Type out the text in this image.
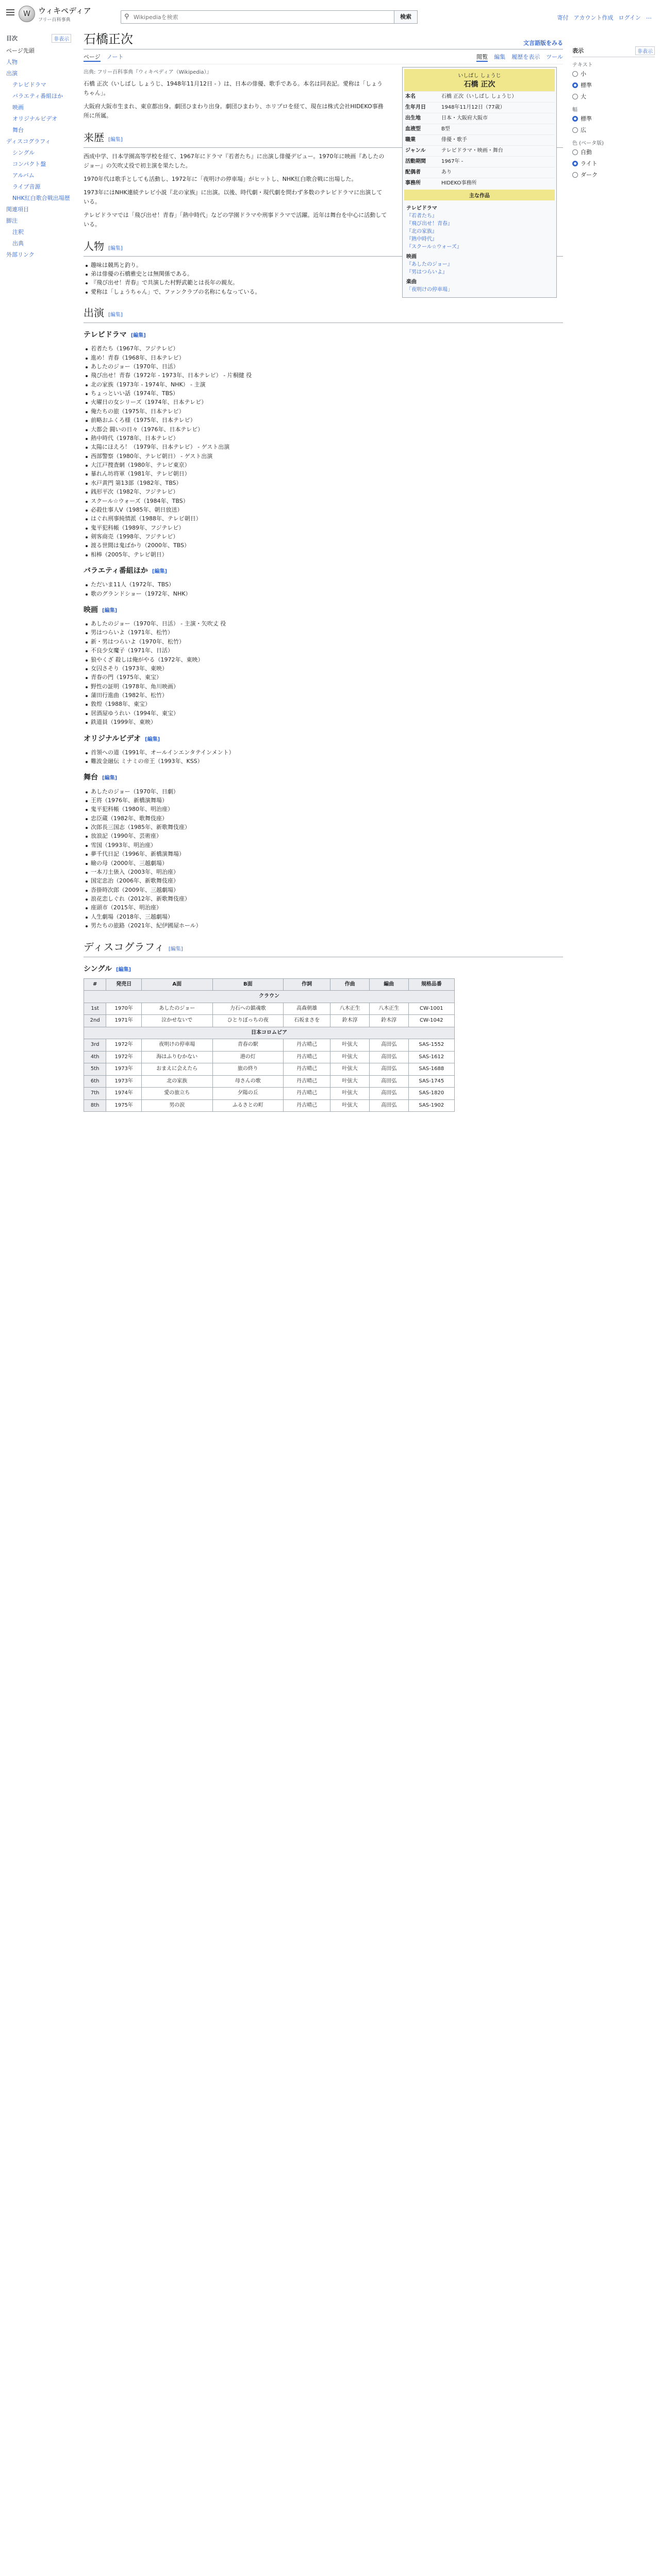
W	ウィキペディア
フリー百科事典	⚲
Wikipediaを検索	検索	寄付 アカウント作成 ログイン …
目次	非表示
ページ先頭
人物
出演
テレビドラマ
バラエティ番組ほか
映画
オリジナルビデオ
舞台
ディスコグラフィ
シングル
コンパクト盤
アルバム
ライブ音源
NHK紅白歌合戦出場歴
関連項目
脚注
注釈
出典
外部リンク
石橋正次	文言語版をみる
ページ ノート	閲覧 編集 履歴を表示 ツール
出典: フリー百科事典『ウィキペディア（Wikipedia）』

石橋 正次（いしばし しょうじ、1948年11月12日 - ）は、日本の俳優、歌手である。本名は同表記。愛称は「しょうちゃん」。

大阪府大阪市生まれ、東京都出身。劇団ひまわり出身。劇団ひまわり、ホリプロを経て、現在は株式会社HIDEKO事務所に所属。

来歴 [編集]

西成中学、日本学園高等学校を経て、1967年にドラマ『若者たち』に出演し俳優デビュー。1970年に映画『あしたのジョー』の矢吹丈役で初主演を果たした。

1970年代は歌手としても活動し、1972年に「夜明けの停車場」がヒットし、NHK紅白歌合戦に出場した。

1973年にはNHK連続テレビ小説『北の家族』に出演。以後、時代劇・現代劇を問わず多数のテレビドラマに出演している。

テレビドラマでは「飛び出せ！青春」「熱中時代」などの学園ドラマや刑事ドラマで活躍。近年は舞台を中心に活動している。

人物 [編集]
趣味は競馬と釣り。
弟は俳優の石橋雅史とは無関係である。
『飛び出せ！青春』で共演した村野武範とは長年の親友。
愛称は「しょうちゃん」で、ファンクラブの名称にもなっている。
出演 [編集]
テレビドラマ [編集]
若者たち（1967年、フジテレビ）
進め！青春（1968年、日本テレビ）
あしたのジョー（1970年、日活）
飛び出せ！青春（1972年 - 1973年、日本テレビ） - 片桐健 役
北の家族（1973年 - 1974年、NHK） - 主演
ちょっといい話（1974年、TBS）
火曜日の女シリーズ（1974年、日本テレビ）
俺たちの旅（1975年、日本テレビ）
前略おふくろ様（1975年、日本テレビ）
大都会 闘いの日々（1976年、日本テレビ）
熱中時代（1978年、日本テレビ）
太陽にほえろ！（1979年、日本テレビ） - ゲスト出演
西部警察（1980年、テレビ朝日） - ゲスト出演
大江戸捜査網（1980年、テレビ東京）
暴れん坊将軍（1981年、テレビ朝日）
水戸黄門 第13部（1982年、TBS）
銭形平次（1982年、フジテレビ）
スクール☆ウォーズ（1984年、TBS）
必殺仕事人V（1985年、朝日放送）
はぐれ刑事純情派（1988年、テレビ朝日）
鬼平犯科帳（1989年、フジテレビ）
剣客商売（1998年、フジテレビ）
渡る世間は鬼ばかり（2000年、TBS）
相棒（2005年、テレビ朝日）
バラエティ番組ほか [編集]
ただいま11人（1972年、TBS）
歌のグランドショー（1972年、NHK）
映画 [編集]
あしたのジョー（1970年、日活） - 主演・矢吹丈 役
男はつらいよ（1971年、松竹）
新・男はつらいよ（1970年、松竹）
不良少女魔子（1971年、日活）
狼やくざ 殺しは俺がやる（1972年、東映）
女囚さそり（1973年、東映）
青春の門（1975年、東宝）
野性の証明（1978年、角川映画）
蒲田行進曲（1982年、松竹）
敦煌（1988年、東宝）
居酒屋ゆうれい（1994年、東宝）
鉄道員（1999年、東映）
オリジナルビデオ [編集]
首領への道（1991年、オールインエンタテインメント）
難波金融伝 ミナミの帝王（1993年、KSS）
舞台 [編集]
あしたのジョー（1970年、日劇）
王将（1976年、新橋演舞場）
鬼平犯科帳（1980年、明治座）
忠臣蔵（1982年、歌舞伎座）
次郎長三国志（1985年、新歌舞伎座）
放浪記（1990年、芸術座）
雪国（1993年、明治座）
夢千代日記（1996年、新橋演舞場）
瞼の母（2000年、三越劇場）
一本刀土俵入（2003年、明治座）
国定忠治（2006年、新歌舞伎座）
沓掛時次郎（2009年、三越劇場）
浪花恋しぐれ（2012年、新歌舞伎座）
座頭市（2015年、明治座）
人生劇場（2018年、三越劇場）
男たちの旅路（2021年、紀伊國屋ホール）
ディスコグラフィ [編集]
シングル [編集]
#	発売日	A面	B面	作詞	作曲	編曲	規格品番
クラウン							
1st	1970年	あしたのジョー	力石への鎮魂歌	高森朝雄	八木正生	八木正生	CW-1001
2nd	1971年	泣かせないで	ひとりぼっちの夜	石坂まさを	鈴木淳	鈴木淳	CW-1042
日本コロムビア							
3rd	1972年	夜明けの停車場	青春の駅	丹古晴己	叶弦大	高田弘	SAS-1552
4th	1972年	海はふりむかない	港の灯	丹古晴己	叶弦大	高田弘	SAS-1612
5th	1973年	おまえに会えたら	旅の終り	丹古晴己	叶弦大	高田弘	SAS-1688
6th	1973年	北の家族	母さんの歌	丹古晴己	叶弦大	高田弘	SAS-1745
7th	1974年	愛の旅立ち	夕陽の丘	丹古晴己	叶弦大	高田弘	SAS-1820
8th	1975年	男の涙	ふるさとの町	丹古晴己	叶弦大	高田弘	SAS-1902
いしばし しょうじ
石橋 正次
本名	石橋 正次（いしばし しょうじ）
生年月日	1948年11月12日（77歳）
出生地	日本・大阪府大阪市
血液型	B型
職業	俳優・歌手
ジャンル	テレビドラマ・映画・舞台
活動期間	1967年 -
配偶者	あり
事務所	HIDEKO事務所
主な作品
テレビドラマ
『若者たち』
『飛び出せ！青春』
『北の家族』
『熱中時代』
『スクール☆ウォーズ』
映画
『あしたのジョー』
『男はつらいよ』
楽曲
「夜明けの停車場」
表示	非表示
テキスト
小
標準
大
幅
標準
広
色 (ベータ版)
自動
ライト
ダーク
